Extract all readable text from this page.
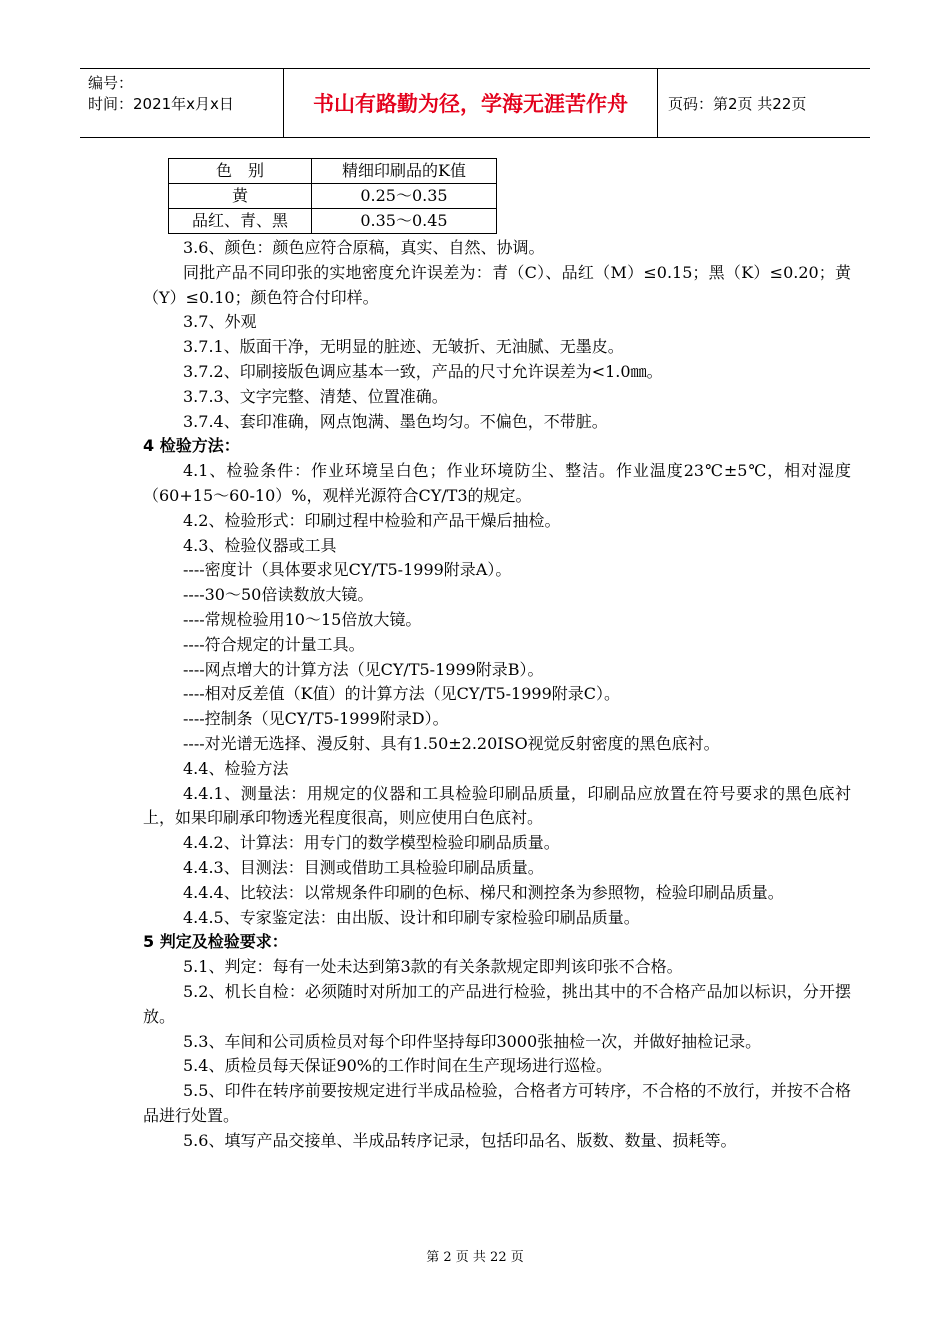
编号：
时间：2021年x月x日	书山有路勤为径，学海无涯苦作舟	页码：第2页 共22页
色　别	精细印刷品的K值
黄	0.25～0.35
品红、青、黑	0.35～0.45

3.6、颜色：颜色应符合原稿，真实、自然、协调。

同批产品不同印张的实地密度允许误差为：青（C）、品红（M）≤0.15；黑（K）≤0.20；黄（Y）≤0.10；颜色符合付印样。

3.7、外观

3.7.1、版面干净，无明显的脏迹、无皱折、无油腻、无墨皮。

3.7.2、印刷接版色调应基本一致，产品的尺寸允许误差为<1.0㎜。

3.7.3、文字完整、清楚、位置准确。

3.7.4、套印准确，网点饱满、墨色均匀。不偏色，不带脏。

4 检验方法：

4.1、检验条件：作业环境呈白色；作业环境防尘、整洁。作业温度23℃±5℃，相对湿度（60+15～60-10）%，观样光源符合CY/T3的规定。

4.2、检验形式：印刷过程中检验和产品干燥后抽检。

4.3、检验仪器或工具

----密度计（具体要求见CY/T5-1999附录A）。

----30～50倍读数放大镜。

----常规检验用10～15倍放大镜。

----符合规定的计量工具。

----网点增大的计算方法（见CY/T5-1999附录B）。

----相对反差值（K值）的计算方法（见CY/T5-1999附录C）。

----控制条（见CY/T5-1999附录D）。

----对光谱无选择、漫反射、具有1.50±2.20ISO视觉反射密度的黑色底衬。

4.4、检验方法

4.4.1、测量法：用规定的仪器和工具检验印刷品质量，印刷品应放置在符号要求的黑色底衬上，如果印刷承印物透光程度很高，则应使用白色底衬。

4.4.2、计算法：用专门的数学模型检验印刷品质量。

4.4.3、目测法：目测或借助工具检验印刷品质量。

4.4.4、比较法：以常规条件印刷的色标、梯尺和测控条为参照物，检验印刷品质量。

4.4.5、专家鉴定法：由出版、设计和印刷专家检验印刷品质量。

5 判定及检验要求：

5.1、判定：每有一处未达到第3款的有关条款规定即判该印张不合格。

5.2、机长自检：必须随时对所加工的产品进行检验，挑出其中的不合格产品加以标识，分开摆放。

5.3、车间和公司质检员对每个印件坚持每印3000张抽检一次，并做好抽检记录。

5.4、质检员每天保证90%的工作时间在生产现场进行巡检。

5.5、印件在转序前要按规定进行半成品检验，合格者方可转序，不合格的不放行，并按不合格品进行处置。

5.6、填写产品交接单、半成品转序记录，包括印品名、版数、数量、损耗等。

第 2 页 共 22 页
